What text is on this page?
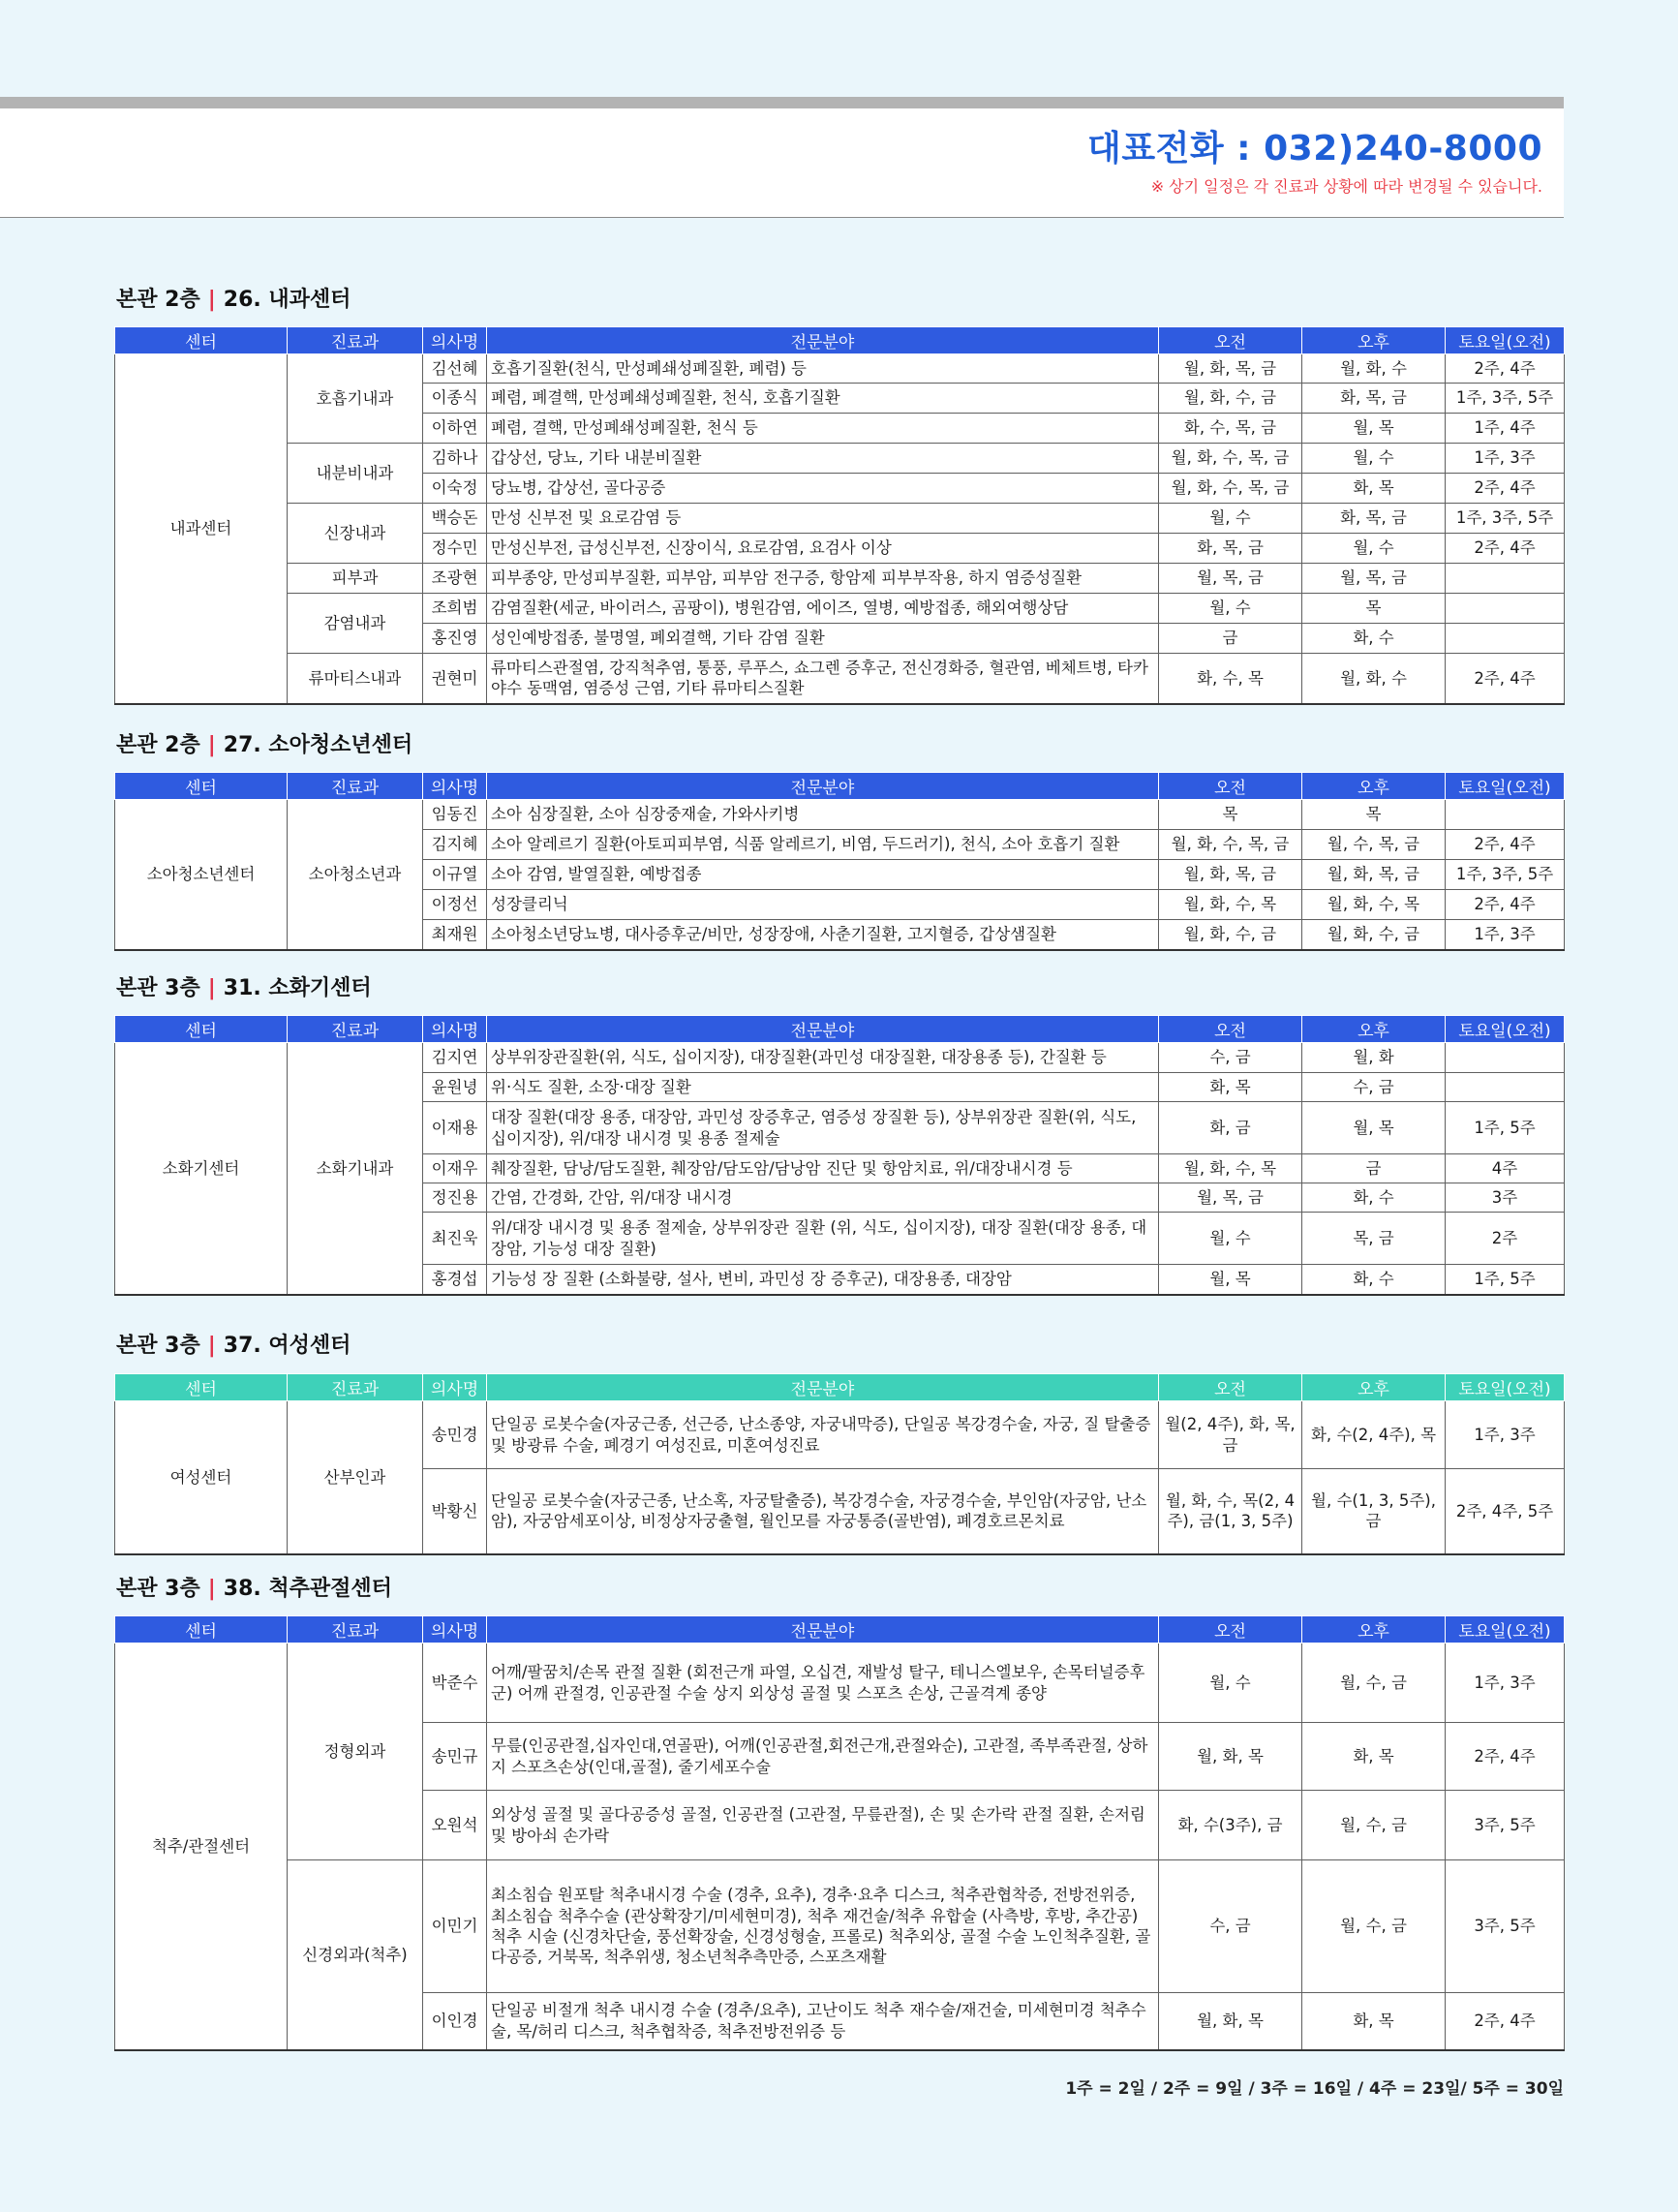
대표전화 : 032)240-8000
※ 상기 일정은 각 진료과 상황에 따라 변경될 수 있습니다.
본관 2층 | 26. 내과센터
센터	진료과	의사명	전문분야	오전	오후	토요일(오전)
내과센터	호흡기내과	김선혜	호흡기질환(천식, 만성폐쇄성폐질환, 폐렴) 등	월, 화, 목, 금	월, 화, 수	2주, 4주
		이종식	폐렴, 폐결핵, 만성폐쇄성폐질환, 천식, 호흡기질환	월, 화, 수, 금	화, 목, 금	1주, 3주, 5주
		이하연	폐렴, 결핵, 만성폐쇄성폐질환, 천식 등	화, 수, 목, 금	월, 목	1주, 4주
	내분비내과	김하나	갑상선, 당뇨, 기타 내분비질환	월, 화, 수, 목, 금	월, 수	1주, 3주
		이숙정	당뇨병, 갑상선, 골다공증	월, 화, 수, 목, 금	화, 목	2주, 4주
	신장내과	백승돈	만성 신부전 및 요로감염 등	월, 수	화, 목, 금	1주, 3주, 5주
		정수민	만성신부전, 급성신부전, 신장이식, 요로감염, 요검사 이상	화, 목, 금	월, 수	2주, 4주
	피부과	조광현	피부종양, 만성피부질환, 피부암, 피부암 전구증, 항암제 피부부작용, 하지 염증성질환	월, 목, 금	월, 목, 금	
	감염내과	조희범	감염질환(세균, 바이러스, 곰팡이), 병원감염, 에이즈, 열병, 예방접종, 해외여행상담	월, 수	목	
		홍진영	성인예방접종, 불명열, 폐외결핵, 기타 감염 질환	금	화, 수	
	류마티스내과	권현미	류마티스관절염, 강직척추염, 통풍, 루푸스, 쇼그렌 증후군, 전신경화증, 혈관염, 베체트병, 타카야수 동맥염, 염증성 근염, 기타 류마티스질환	화, 수, 목	월, 화, 수	2주, 4주
본관 2층 | 27. 소아청소년센터
센터	진료과	의사명	전문분야	오전	오후	토요일(오전)
소아청소년센터	소아청소년과	임동진	소아 심장질환, 소아 심장중재술, 가와사키병	목	목	
		김지혜	소아 알레르기 질환(아토피피부염, 식품 알레르기, 비염, 두드러기), 천식, 소아 호흡기 질환	월, 화, 수, 목, 금	월, 수, 목, 금	2주, 4주
		이규열	소아 감염, 발열질환, 예방접종	월, 화, 목, 금	월, 화, 목, 금	1주, 3주, 5주
		이정선	성장클리닉	월, 화, 수, 목	월, 화, 수, 목	2주, 4주
		최재원	소아청소년당뇨병, 대사증후군/비만, 성장장애, 사춘기질환, 고지혈증, 갑상샘질환	월, 화, 수, 금	월, 화, 수, 금	1주, 3주
본관 3층 | 31. 소화기센터
센터	진료과	의사명	전문분야	오전	오후	토요일(오전)
소화기센터	소화기내과	김지연	상부위장관질환(위, 식도, 십이지장), 대장질환(과민성 대장질환, 대장용종 등), 간질환 등	수, 금	월, 화	
		윤원녕	위·식도 질환, 소장·대장 질환	화, 목	수, 금	
		이재용	대장 질환(대장 용종, 대장암, 과민성 장증후군, 염증성 장질환 등), 상부위장관 질환(위, 식도, 십이지장), 위/대장 내시경 및 용종 절제술	화, 금	월, 목	1주, 5주
		이재우	췌장질환, 담낭/담도질환, 췌장암/담도암/담낭암 진단 및 항암치료, 위/대장내시경 등	월, 화, 수, 목	금	4주
		정진용	간염, 간경화, 간암, 위/대장 내시경	월, 목, 금	화, 수	3주
		최진욱	위/대장 내시경 및 용종 절제술, 상부위장관 질환 (위, 식도, 십이지장), 대장 질환(대장 용종, 대장암, 기능성 대장 질환)	월, 수	목, 금	2주
		홍경섭	기능성 장 질환 (소화불량, 설사, 변비, 과민성 장 증후군), 대장용종, 대장암	월, 목	화, 수	1주, 5주
본관 3층 | 37. 여성센터
센터	진료과	의사명	전문분야	오전	오후	토요일(오전)
여성센터	산부인과	송민경	단일공 로봇수술(자궁근종, 선근증, 난소종양, 자궁내막증), 단일공 복강경수술, 자궁, 질 탈출증 및 방광류 수술, 폐경기 여성진료, 미혼여성진료	월(2, 4주), 화, 목, 금	화, 수(2, 4주), 목	1주, 3주
		박황신	단일공 로봇수술(자궁근종, 난소혹, 자궁탈출증), 복강경수술, 자궁경수술, 부인암(자궁암, 난소암), 자궁암세포이상, 비정상자궁출혈, 월인모를 자궁통증(골반염), 폐경호르몬치료	월, 화, 수, 목(2, 4주), 금(1, 3, 5주)	월, 수(1, 3, 5주), 금	2주, 4주, 5주
본관 3층 | 38. 척추관절센터
센터	진료과	의사명	전문분야	오전	오후	토요일(오전)
척추/관절센터	정형외과	박준수	어깨/팔꿈치/손목 관절 질환 (회전근개 파열, 오십견, 재발성 탈구, 테니스엘보우, 손목터널증후군) 어깨 관절경, 인공관절 수술 상지 외상성 골절 및 스포츠 손상, 근골격계 종양	월, 수	월, 수, 금	1주, 3주
		송민규	무릎(인공관절,십자인대,연골판), 어깨(인공관절,회전근개,관절와순), 고관절, 족부족관절, 상하지 스포츠손상(인대,골절), 줄기세포수술	월, 화, 목	화, 목	2주, 4주
		오원석	외상성 골절 및 골다공증성 골절, 인공관절 (고관절, 무릎관절), 손 및 손가락 관절 질환, 손저림 및 방아쇠 손가락	화, 수(3주), 금	월, 수, 금	3주, 5주
	신경외과(척추)	이민기	최소침습 원포탈 척추내시경 수술 (경추, 요추), 경추·요추 디스크, 척추관협착증, 전방전위증, 최소침습 척추수술 (관상확장기/미세현미경), 척추 재건술/척추 유합술 (사측방, 후방, 추간공) 척추 시술 (신경차단술, 풍선확장술, 신경성형술, 프롤로) 척추외상, 골절 수술 노인척추질환, 골다공증, 거북목, 척추위생, 청소년척추측만증, 스포츠재활	수, 금	월, 수, 금	3주, 5주
		이인경	단일공 비절개 척추 내시경 수술 (경추/요추), 고난이도 척추 재수술/재건술, 미세현미경 척추수술, 목/허리 디스크, 척추협착증, 척추전방전위증 등	월, 화, 목	화, 목	2주, 4주
1주 = 2일 / 2주 = 9일 / 3주 = 16일 / 4주 = 23일/ 5주 = 30일
